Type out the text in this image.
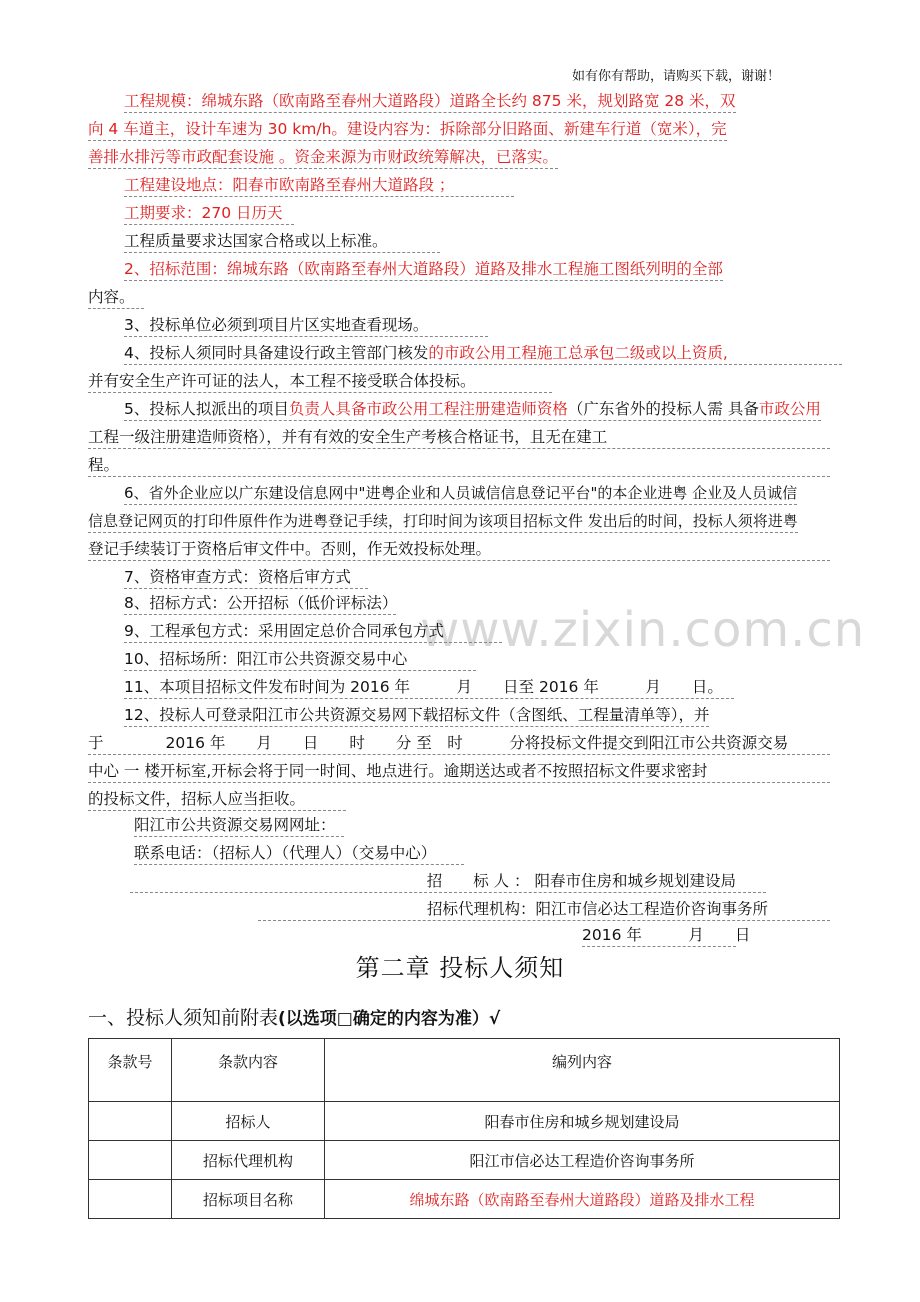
www.zixin.com.cn
如有你有帮助，请购买下载，谢谢！
工程规模：绵城东路（欧南路至春州大道路段）道路全长约 875 米，规划路宽 28 米，双
向 4 车道主，设计车速为 30 km/h。建设内容为：拆除部分旧路面、新建车行道（宽米），完
善排水排污等市政配套设施 。资金来源为市财政统筹解决，已落实。
工程建设地点：阳春市欧南路至春州大道路段 ；
工期要求：270 日历天
工程质量要求达国家合格或以上标准。
2、招标范围：绵城东路（欧南路至春州大道路段）道路及排水工程施工图纸列明的全部
内容。
3、投标单位必须到项目片区实地查看现场。
4、投标人须同时具备建设行政主管部门核发的市政公用工程施工总承包二级或以上资质,
并有安全生产许可证的法人，本工程不接受联合体投标。
5、投标人拟派出的项目负责人具备市政公用工程注册建造师资格（广东省外的投标人需 具备市政公用
工程一级注册建造师资格），并有有效的安全生产考核合格证书，且无在建工
程。
6、省外企业应以广东建设信息网中"进粤企业和人员诚信信息登记平台"的本企业进粤 企业及人员诚信
信息登记网页的打印件原件作为进粤登记手续，打印时间为该项目招标文件 发出后的时间，投标人须将进粤
登记手续装订于资格后审文件中。否则，作无效投标处理。
7、资格审查方式：资格后审方式
8、招标方式：公开招标（低价评标法）
9、工程承包方式：采用固定总价合同承包方式
10、招标场所：阳江市公共资源交易中心
11、本项目招标文件发布时间为 2016 年　　　月　　日至 2016 年　　　月　　日。
12、投标人可登录阳江市公共资源交易网下载招标文件（含图纸、工程量清单等），并
于　　　　2016 年　　月　　日　　时　　分 至　时　　　分将投标文件提交到阳江市公共资源交易
中心 一 楼开标室,开标会将于同一时间、地点进行。逾期送达或者不按照招标文件要求密封
的投标文件，招标人应当拒收。
阳江市公共资源交易网网址：
联系电话：（招标人）（代理人）（交易中心）
招　　标 人 ： 阳春市住房和城乡规划建设局
招标代理机构：阳江市信必达工程造价咨询事务所
2016 年　　　月　　日
第二章 投标人须知
一、投标人须知前附表(以选项□确定的内容为准）√
条款号	条款内容	编列内容
	招标人	阳春市住房和城乡规划建设局
	招标代理机构	阳江市信必达工程造价咨询事务所
	招标项目名称	绵城东路（欧南路至春州大道路段）道路及排水工程
